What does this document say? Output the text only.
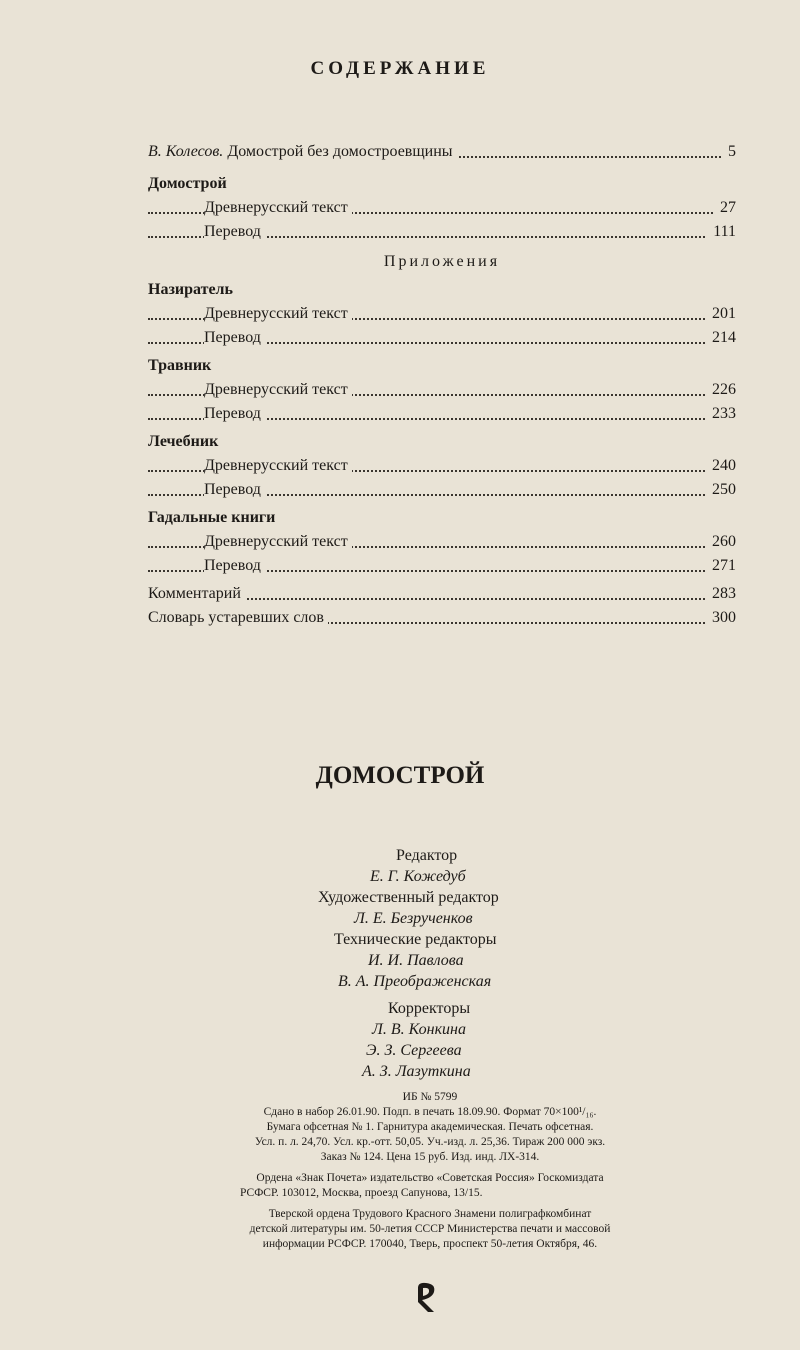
СОДЕРЖАНИЕ
В. Колесов. Домострой без домостроевщины	5
Домострой
Древнерусский текст	27
Перевод	111
Приложения
Назиратель
Древнерусский текст	201
Перевод	214
Травник
Древнерусский текст	226
Перевод	233
Лечебник
Древнерусский текст	240
Перевод	250
Гадальные книги
Древнерусский текст	260
Перевод	271
Комментарий	283
Словарь устаревших слов	300
ДОМОСТРОЙ
Редактор
Е. Г. Кожедуб
Художественный редактор
Л. Е. Безрученков
Технические редакторы
И. И. Павлова
В. А. Преображенская
Корректоры
Л. В. Конкина
Э. З. Сергеева
А. З. Лазуткина
ИБ № 5799
Сдано в набор 26.01.90. Подп. в печать 18.09.90. Формат 70×100¹/₁₆.
Бумага офсетная № 1. Гарнитура академическая. Печать офсетная.
Усл. п. л. 24,70. Усл. кр.-отт. 50,05. Уч.-изд. л. 25,36. Тираж 200 000 экз.
Заказ № 124. Цена 15 руб. Изд. инд. ЛХ-314.
Ордена «Знак Почета» издательство «Советская Россия» Госкомиздата
РСФСР. 103012, Москва, проезд Сапунова, 13/15.
Тверской ордена Трудового Красного Знамени полиграфкомбинат
детской литературы им. 50-летия СССР Министерства печати и массовой
информации РСФСР. 170040, Тверь, проспект 50-летия Октября, 46.
